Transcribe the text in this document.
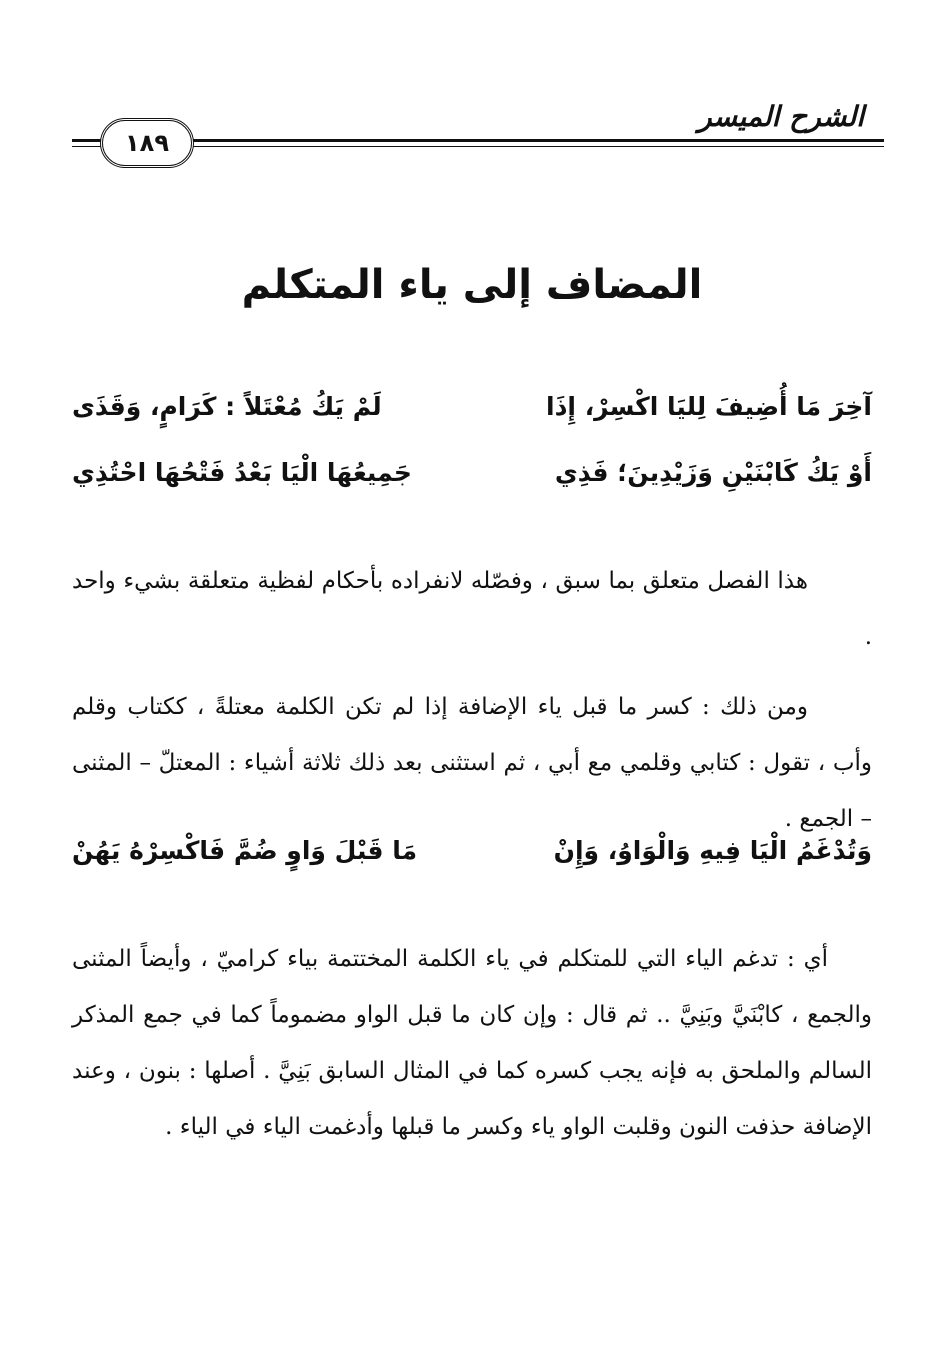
الشرح الميسر
١٨٩
المضاف إلى ياء المتكلم
آخِرَ مَا أُضِيفَ لِليَا اكْسِرْ، إِذَا
لَمْ يَكُ مُعْتَلاً : كَرَامٍ، وَقَذَى
أَوْ يَكُ كَابْنَيْنِ وَزَيْدِينَ؛ فَذِي
جَمِيعُهَا الْيَا بَعْدُ فَتْحُهَا احْتُذِي

هذا الفصل متعلق بما سبق ، وفصّله لانفراده بأحكام لفظية متعلقة بشيء واحد .

ومن ذلك : كسر ما قبل ياء الإضافة إذا لم تكن الكلمة معتلةً ، ككتاب وقلم وأب ، تقول : كتابي وقلمي مع أبي ، ثم استثنى بعد ذلك ثلاثة أشياء : المعتلّ – المثنى – الجمع .

وَتُدْغَمُ الْيَا فِيهِ وَالْوَاوُ، وَإِنْ
مَا قَبْلَ وَاوٍ ضُمَّ فَاكْسِرْهُ يَهُنْ

أي : تدغم الياء التي للمتكلم في ياء الكلمة المختتمة بياء كراميّ ، وأيضاً المثنى والجمع ، كابْنَيَّ وبَنِيَّ .. ثم قال : وإن كان ما قبل الواو مضموماً كما في جمع المذكر السالم والملحق به فإنه يجب كسره كما في المثال السابق بَنِيَّ . أصلها : بنون ، وعند الإضافة حذفت النون وقلبت الواو ياء وكسر ما قبلها وأدغمت الياء في الياء .
